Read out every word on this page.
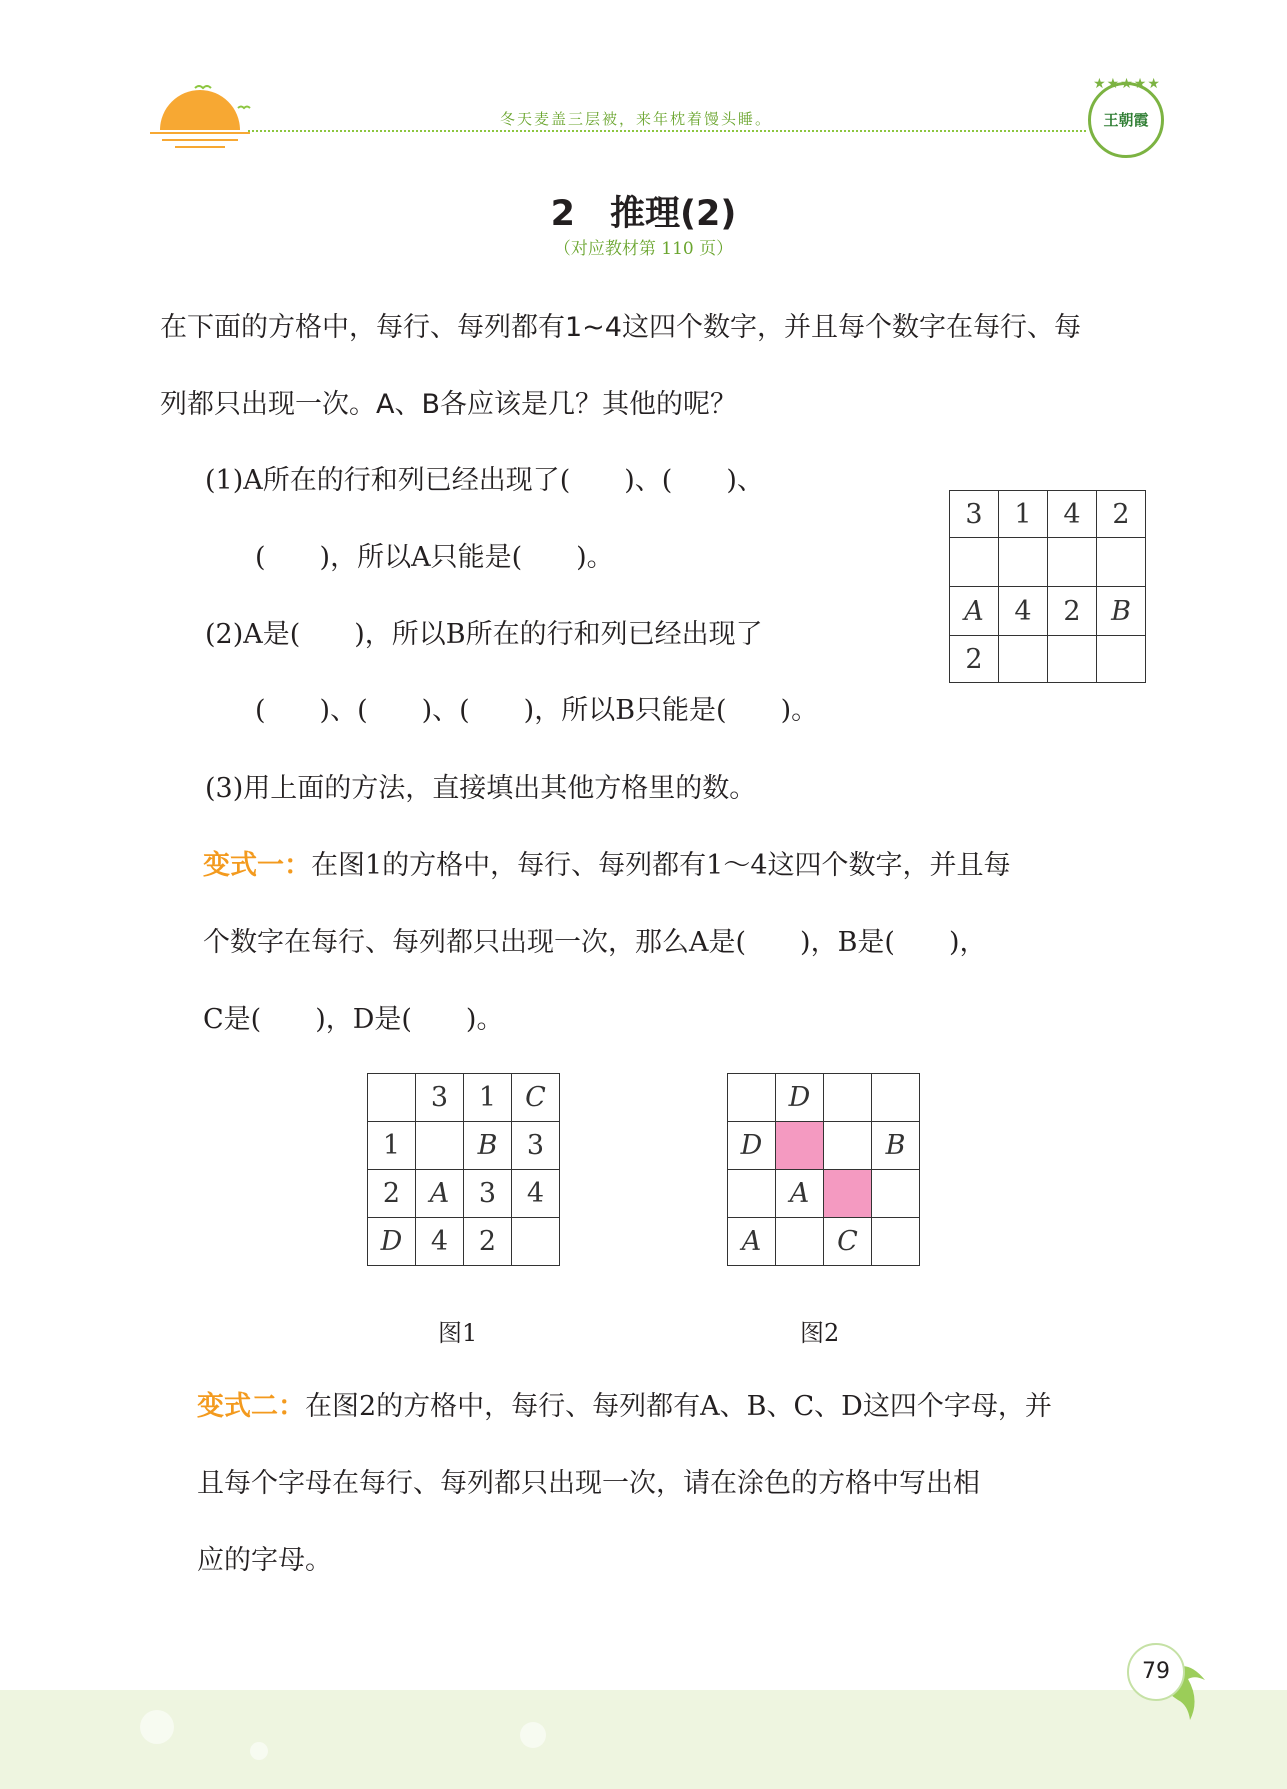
冬天麦盖三层被，来年枕着馒头睡。
★★★★★
王朝霞
2　推理(2)
（对应教材第 110 页）
在下面的方格中，每行、每列都有1~4这四个数字，并且每个数字在每行、每
列都只出现一次。A、B各应该是几？其他的呢？
(1)A所在的行和列已经出现了(　　)、(　　)、
(　　)，所以A只能是(　　)。
(2)A是(　　)，所以B所在的行和列已经出现了
(　　)、(　　)、(　　)，所以B只能是(　　)。
(3)用上面的方法，直接填出其他方格里的数。
3	1	4	2

A	4	2	B
2			
变式一：在图1的方格中，每行、每列都有1～4这四个数字，并且每
个数字在每行、每列都只出现一次，那么A是(　　)，B是(　　)，
C是(　　)，D是(　　)。
	3	1	C
1		B	3
2	A	3	4
D	4	2	
图1
	D		
D			B
	A		
A		C	
图2
变式二：在图2的方格中，每行、每列都有A、B、C、D这四个字母，并
且每个字母在每行、每列都只出现一次，请在涂色的方格中写出相
应的字母。
79
